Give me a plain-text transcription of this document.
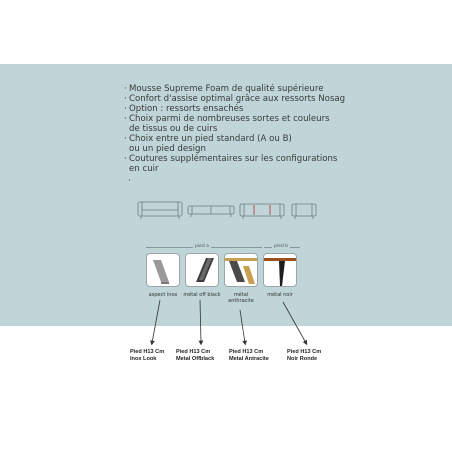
· Mousse Supreme Foam de qualité supérieure
· Confort d'assise optimal grâce aux ressorts Nosag
· Option : ressorts ensachés
· Choix parmi de nombreuses sortes et couleurs
de tissus ou de cuirs
· Choix entre un pied standard (A ou B)
ou un pied design
· Coutures supplémentaires sur les configurations
en cuir
·
pied a	pied b
aspect inox	métal off black	métal
anthracite
métal noir
Pied H13 Cm
Inox Look
Pied H13 Cm
Metal Offblack
Pied H13 Cm
Metal Antracite
Pied H13 Cm
Noir Ronde
